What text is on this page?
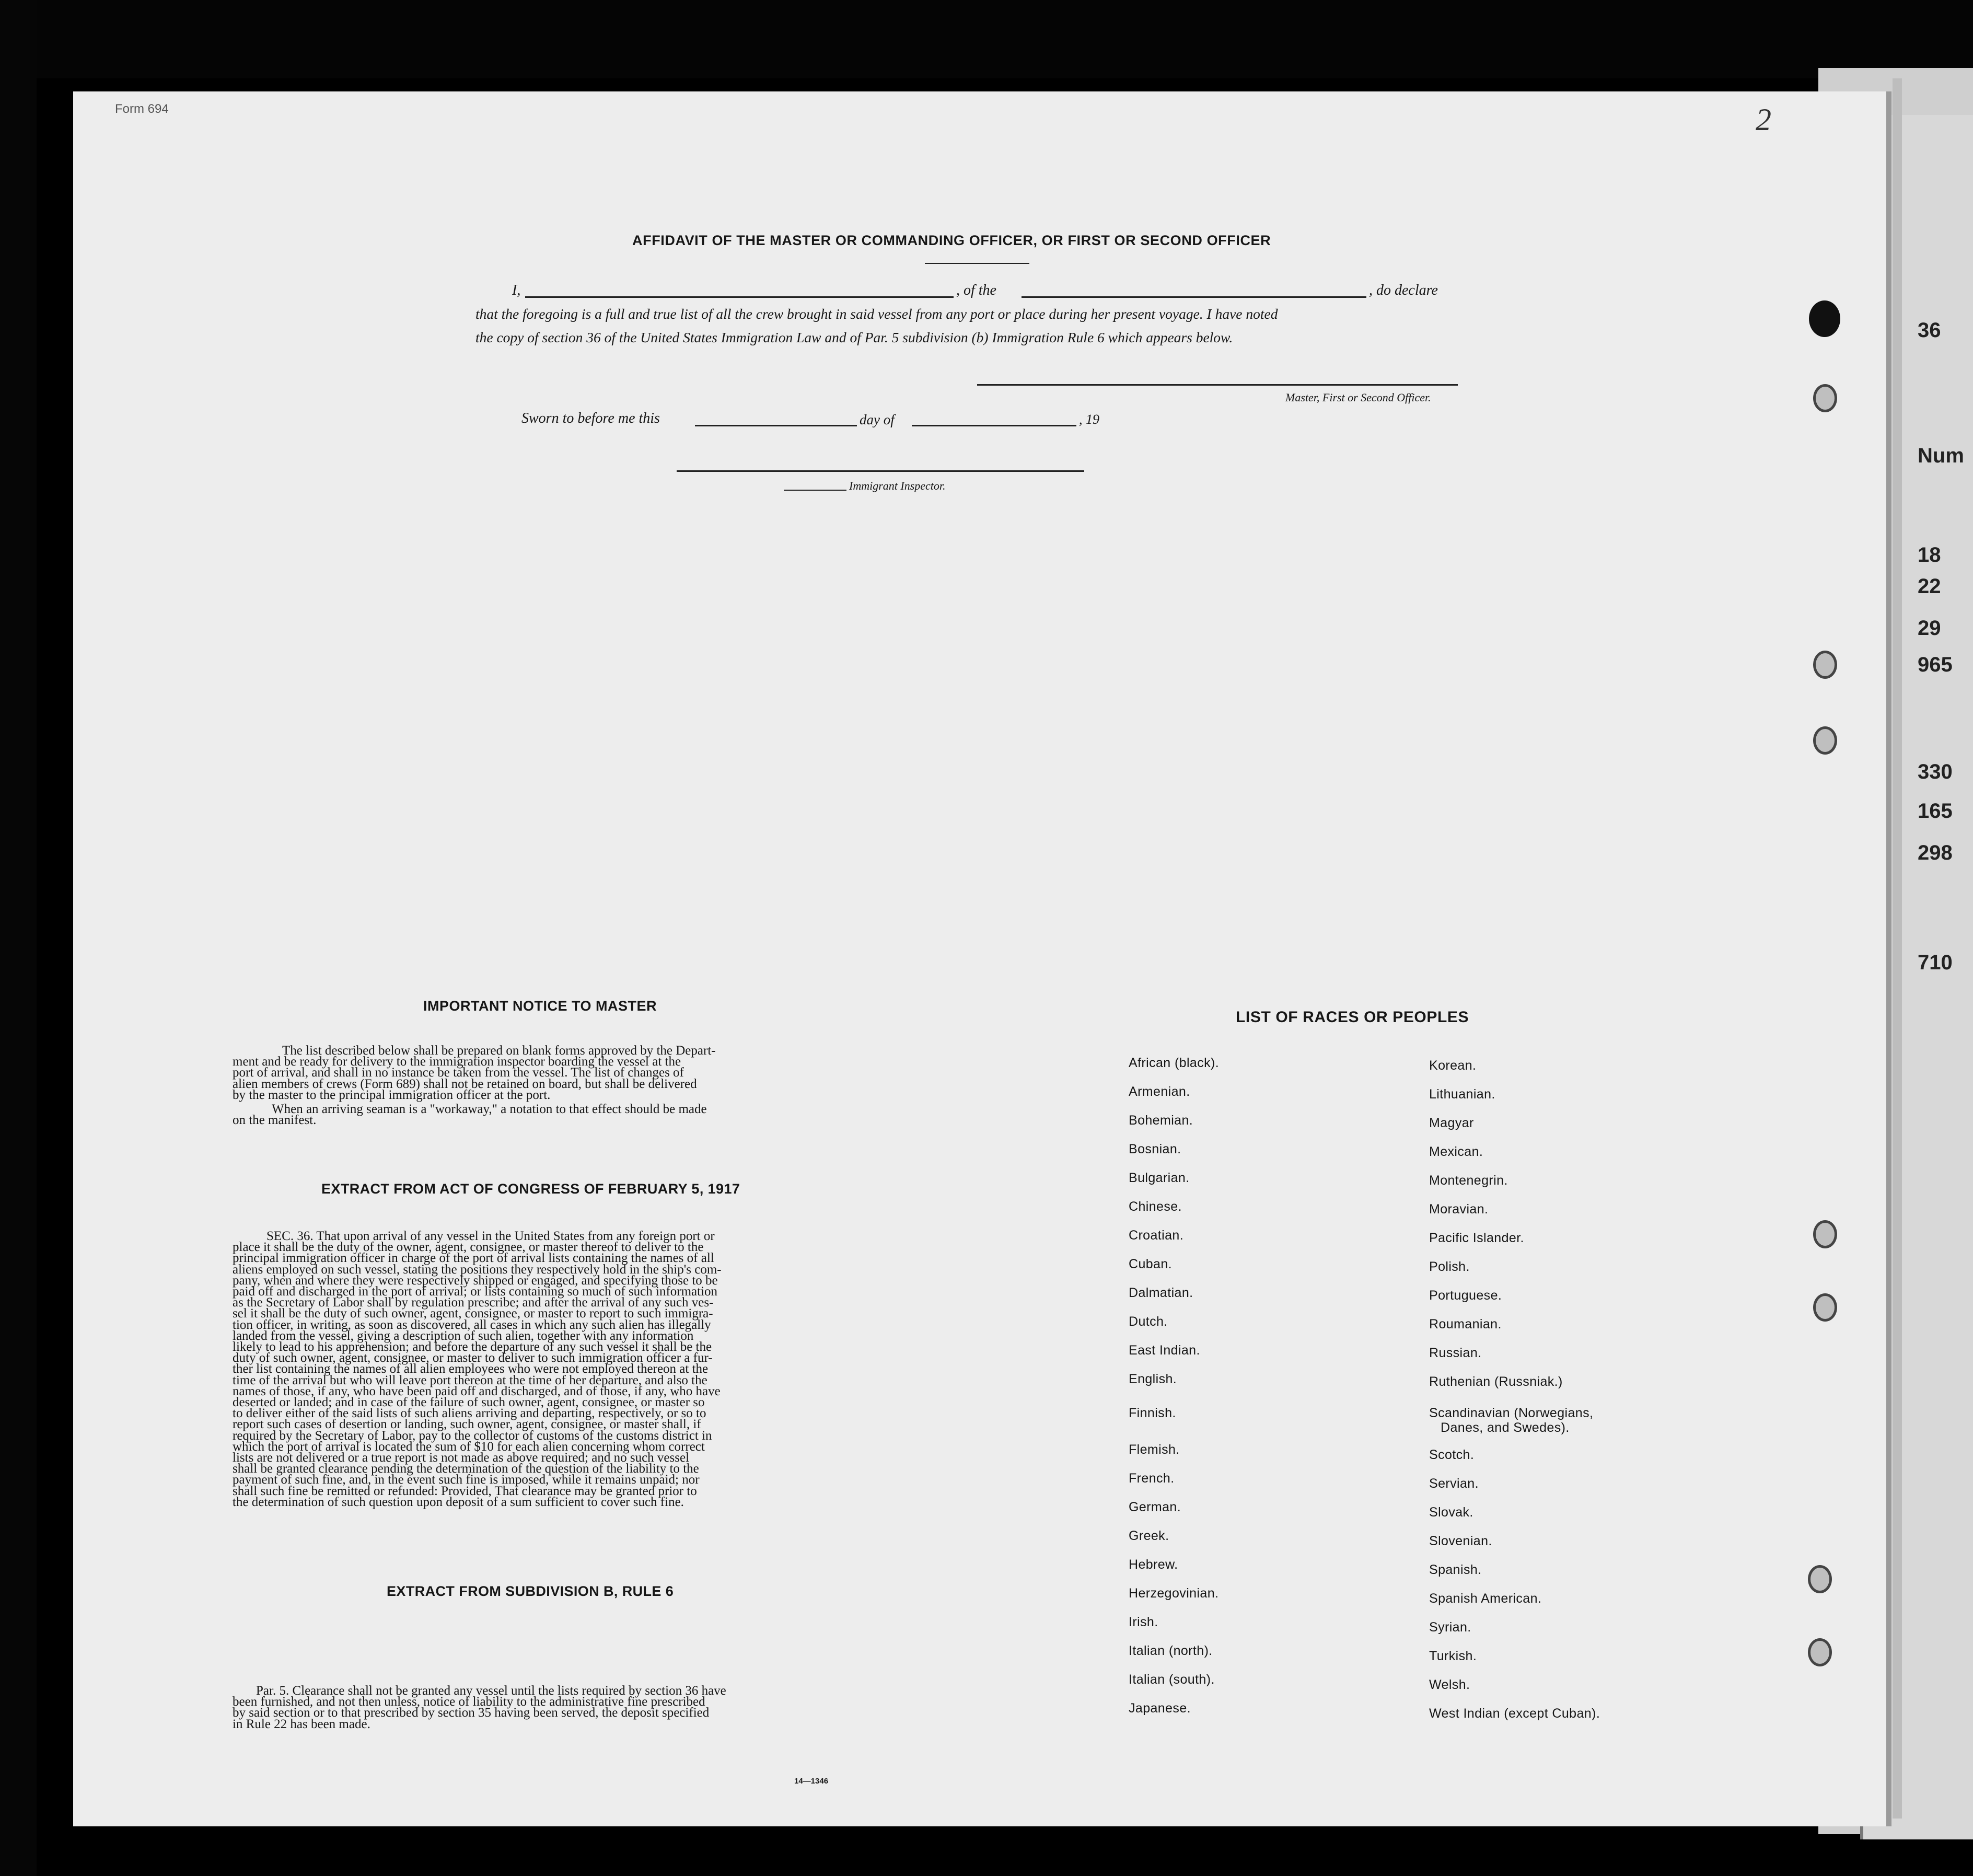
36
Num
18
22
29
965
330
165
298
710
Form 694	2
AFFIDAVIT OF THE MASTER OR COMMANDING OFFICER, OR FIRST OR SECOND OFFICER
I,	, of the	, do declare
that the foregoing is a full and true list of all the crew brought in said vessel from any port or place during her present voyage. I have noted
the copy of section 36 of the United States Immigration Law and of Par. 5 subdivision (b) Immigration Rule 6 which appears below.
Master, First or Second Officer.
Sworn to before me this	day of	, 19
Immigrant Inspector.
IMPORTANT NOTICE TO MASTER
The list described below shall be prepared on blank forms approved by the Depart-
ment and be ready for delivery to the immigration inspector boarding the vessel at the
port of arrival, and shall in no instance be taken from the vessel. The list of changes of
alien members of crews (Form 689) shall not be retained on board, but shall be delivered
by the master to the principal immigration officer at the port.
When an arriving seaman is a "workaway," a notation to that effect should be made
on the manifest.
EXTRACT FROM ACT OF CONGRESS OF FEBRUARY 5, 1917
SEC. 36. That upon arrival of any vessel in the United States from any foreign port or
place it shall be the duty of the owner, agent, consignee, or master thereof to deliver to the
principal immigration officer in charge of the port of arrival lists containing the names of all
aliens employed on such vessel, stating the positions they respectively hold in the ship's com-
pany, when and where they were respectively shipped or engaged, and specifying those to be
paid off and discharged in the port of arrival; or lists containing so much of such information
as the Secretary of Labor shall by regulation prescribe; and after the arrival of any such ves-
sel it shall be the duty of such owner, agent, consignee, or master to report to such immigra-
tion officer, in writing, as soon as discovered, all cases in which any such alien has illegally
landed from the vessel, giving a description of such alien, together with any information
likely to lead to his apprehension; and before the departure of any such vessel it shall be the
duty of such owner, agent, consignee, or master to deliver to such immigration officer a fur-
ther list containing the names of all alien employees who were not employed thereon at the
time of the arrival but who will leave port thereon at the time of her departure, and also the
names of those, if any, who have been paid off and discharged, and of those, if any, who have
deserted or landed; and in case of the failure of such owner, agent, consignee, or master so
to deliver either of the said lists of such aliens arriving and departing, respectively, or so to
report such cases of desertion or landing, such owner, agent, consignee, or master shall, if
required by the Secretary of Labor, pay to the collector of customs of the customs district in
which the port of arrival is located the sum of $10 for each alien concerning whom correct
lists are not delivered or a true report is not made as above required; and no such vessel
shall be granted clearance pending the determination of the question of the liability to the
payment of such fine, and, in the event such fine is imposed, while it remains unpaid; nor
shall such fine be remitted or refunded: Provided, That clearance may be granted prior to
the determination of such question upon deposit of a sum sufficient to cover such fine.
EXTRACT FROM SUBDIVISION B, RULE 6
Par. 5. Clearance shall not be granted any vessel until the lists required by section 36 have
been furnished, and not then unless, notice of liability to the administrative fine prescribed
by said section or to that prescribed by section 35 having been served, the deposit specified
in Rule 22 has been made.
14—1346
LIST OF RACES OR PEOPLES
African (black).
Armenian.
Bohemian.
Bosnian.
Bulgarian.
Chinese.
Croatian.
Cuban.
Dalmatian.
Dutch.
East Indian.
English.
Finnish.
Flemish.
French.
German.
Greek.
Hebrew.
Herzegovinian.
Irish.
Italian (north).
Italian (south).
Japanese.
Korean.
Lithuanian.
Magyar
Mexican.
Montenegrin.
Moravian.
Pacific Islander.
Polish.
Portuguese.
Roumanian.
Russian.
Ruthenian (Russniak.)
Scandinavian (Norwegians,
Danes, and Swedes).
Scotch.
Servian.
Slovak.
Slovenian.
Spanish.
Spanish American.
Syrian.
Turkish.
Welsh.
West Indian (except Cuban).
